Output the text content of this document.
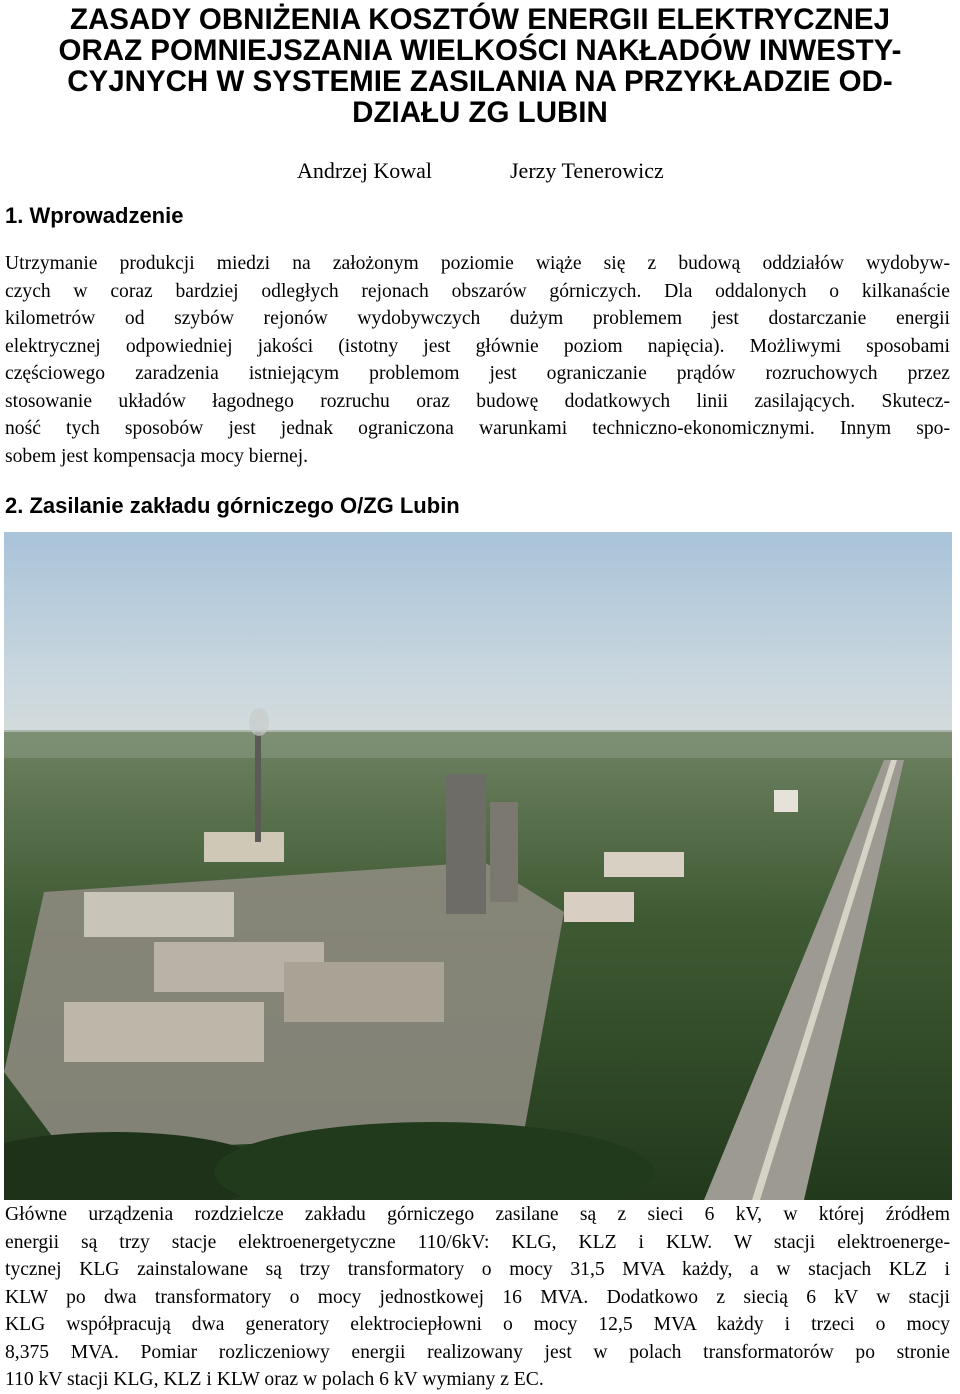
ZASADY OBNIŻENIA KOSZTÓW ENERGII ELEKTRYCZNEJ
ORAZ POMNIEJSZANIA WIELKOŚCI NAKŁADÓW INWESTY-
CYJNYCH W SYSTEMIE ZASILANIA NA PRZYKŁADZIE OD-
DZIAŁU ZG LUBIN
Andrzej Kowal	Jerzy Tenerowicz
1. Wprowadzenie
Utrzymanie produkcji miedzi na założonym poziomie wiąże się z budową oddziałów wydobyw-
czych w coraz bardziej odległych rejonach obszarów górniczych. Dla oddalonych o kilkanaście
kilometrów od szybów rejonów wydobywczych dużym problemem jest dostarczanie energii
elektrycznej odpowiedniej jakości (istotny jest głównie poziom napięcia). Możliwymi sposobami
częściowego zaradzenia istniejącym problemom jest ograniczanie prądów rozruchowych przez
stosowanie układów łagodnego rozruchu oraz budowę dodatkowych linii zasilających. Skutecz-
ność tych sposobów jest jednak ograniczona warunkami techniczno-ekonomicznymi. Innym spo-
sobem jest kompensacja mocy biernej.
2. Zasilanie zakładu górniczego O/ZG Lubin
Główne urządzenia rozdzielcze zakładu górniczego zasilane są z sieci 6 kV, w której źródłem
energii są trzy stacje elektroenergetyczne 110/6kV: KLG, KLZ i KLW. W stacji elektroenerge-
tycznej KLG zainstalowane są trzy transformatory o mocy 31,5 MVA każdy, a w stacjach KLZ i
KLW po dwa transformatory o mocy jednostkowej 16 MVA. Dodatkowo z siecią 6 kV w stacji
KLG współpracują dwa generatory elektrociepłowni o mocy 12,5 MVA każdy i trzeci o mocy
8,375 MVA. Pomiar rozliczeniowy energii realizowany jest w polach transformatorów po stronie
110 kV stacji KLG, KLZ i KLW oraz w polach 6 kV wymiany z EC.
